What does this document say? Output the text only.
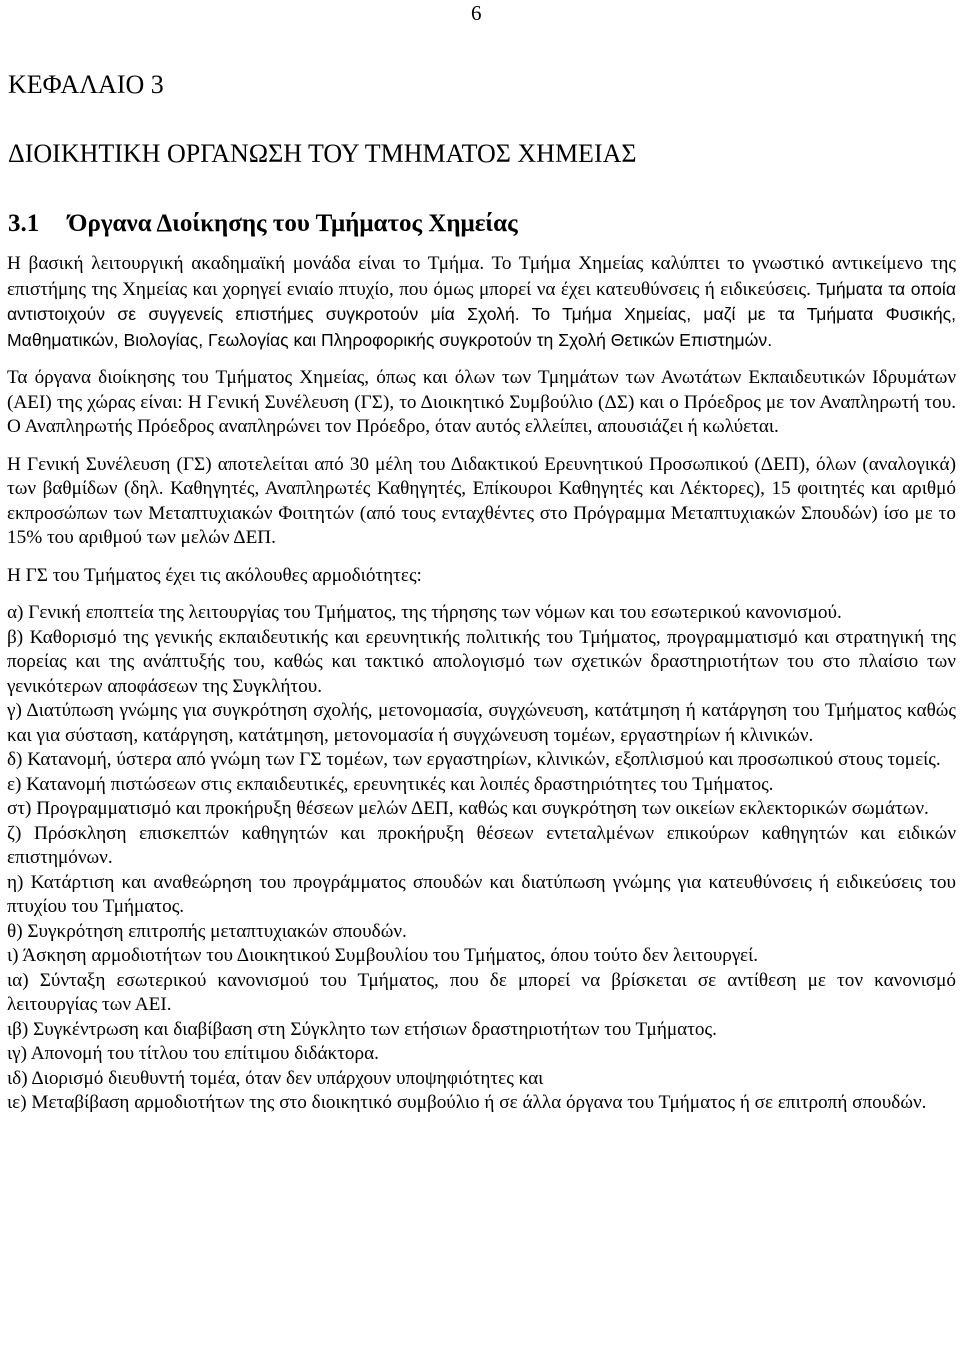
6
ΚΕΦΑΛΑΙΟ 3
ΔΙΟΙΚΗΤΙΚΗ ΟΡΓΑΝΩΣΗ ΤΟΥ ΤΜΗΜΑΤΟΣ ΧΗΜΕΙΑΣ
3.1 Όργανα Διοίκησης του Τμήματος Χημείας

Η βασική λειτουργική ακαδημαϊκή μονάδα είναι το Τμήμα. Το Τμήμα Χημείας καλύπτει το γνωστικό αντικείμενο της επιστήμης της Χημείας και χορηγεί ενιαίο πτυχίο, που όμως μπορεί να έχει κατευθύνσεις ή ειδικεύσεις. Τμήματα τα οποία αντιστοιχούν σε συγγενείς επιστήμες συγκροτούν μία Σχολή. Το Τμήμα Χημείας, μαζί με τα Τμήματα Φυσικής, Μαθηματικών, Βιολογίας, Γεωλογίας και Πληροφορικής συγκροτούν τη Σχολή Θετικών Επιστημών.

Τα όργανα διοίκησης του Τμήματος Χημείας, όπως και όλων των Τμημάτων των Ανωτάτων Εκπαιδευτικών Ιδρυμάτων (ΑΕΙ) της χώρας είναι: Η Γενική Συνέλευση (ΓΣ), το Διοικητικό Συμβούλιο (ΔΣ) και ο Πρόεδρος με τον Αναπληρωτή του. Ο Αναπληρωτής Πρόεδρος αναπληρώνει τον Πρόεδρο, όταν αυτός ελλείπει, απουσιάζει ή κωλύεται.

Η Γενική Συνέλευση (ΓΣ) αποτελείται από 30 μέλη του Διδακτικού Ερευνητικού Προσωπικού (ΔΕΠ), όλων (αναλογικά) των βαθμίδων (δηλ. Καθηγητές, Αναπληρωτές Καθηγητές, Επίκουροι Καθηγητές και Λέκτορες), 15 φοιτητές και αριθμό εκπροσώπων των Μεταπτυχιακών Φοιτητών (από τους ενταχθέντες στο Πρόγραμμα Μεταπτυχιακών Σπουδών) ίσο με το 15% του αριθμού των μελών ΔΕΠ.

Η ΓΣ του Τμήματος έχει τις ακόλουθες αρμοδιότητες:

α) Γενική εποπτεία της λειτουργίας του Τμήματος, της τήρησης των νόμων και του εσωτερικού κανονισμού.

β) Καθορισμό της γενικής εκπαιδευτικής και ερευνητικής πολιτικής του Τμήματος, προγραμματισμό και στρατηγική της πορείας και της ανάπτυξής του, καθώς και τακτικό απολογισμό των σχετικών δραστηριοτήτων του στο πλαίσιο των γενικότερων αποφάσεων της Συγκλήτου.

γ) Διατύπωση γνώμης για συγκρότηση σχολής, μετονομασία, συγχώνευση, κατάτμηση ή κατάργηση του Τμήματος καθώς και για σύσταση, κατάργηση, κατάτμηση, μετονομασία ή συγχώνευση τομέων, εργαστηρίων ή κλινικών.

δ) Κατανομή, ύστερα από γνώμη των ΓΣ τομέων, των εργαστηρίων, κλινικών, εξοπλισμού και προσωπικού στους τομείς.

ε) Κατανομή πιστώσεων στις εκπαιδευτικές, ερευνητικές και λοιπές δραστηριότητες του Τμήματος.

στ) Προγραμματισμό και προκήρυξη θέσεων μελών ΔΕΠ, καθώς και συγκρότηση των οικείων εκλεκτορικών σωμάτων.

ζ) Πρόσκληση επισκεπτών καθηγητών και προκήρυξη θέσεων εντεταλμένων επικούρων καθηγητών και ειδικών επιστημόνων.

η) Κατάρτιση και αναθεώρηση του προγράμματος σπουδών και διατύπωση γνώμης για κατευθύνσεις ή ειδικεύσεις του πτυχίου του Τμήματος.

θ) Συγκρότηση επιτροπής μεταπτυχιακών σπουδών.

ι) Άσκηση αρμοδιοτήτων του Διοικητικού Συμβουλίου του Τμήματος, όπου τούτο δεν λειτουργεί.

ια) Σύνταξη εσωτερικού κανονισμού του Τμήματος, που δε μπορεί να βρίσκεται σε αντίθεση με τον κανονισμό λειτουργίας των ΑΕΙ.

ιβ) Συγκέντρωση και διαβίβαση στη Σύγκλητο των ετήσιων δραστηριοτήτων του Τμήματος.

ιγ) Απονομή του τίτλου του επίτιμου διδάκτορα.

ιδ) Διορισμό διευθυντή τομέα, όταν δεν υπάρχουν υποψηφιότητες και

ιε) Μεταβίβαση αρμοδιοτήτων της στο διοικητικό συμβούλιο ή σε άλλα όργανα του Τμήματος ή σε επιτροπή σπουδών.
